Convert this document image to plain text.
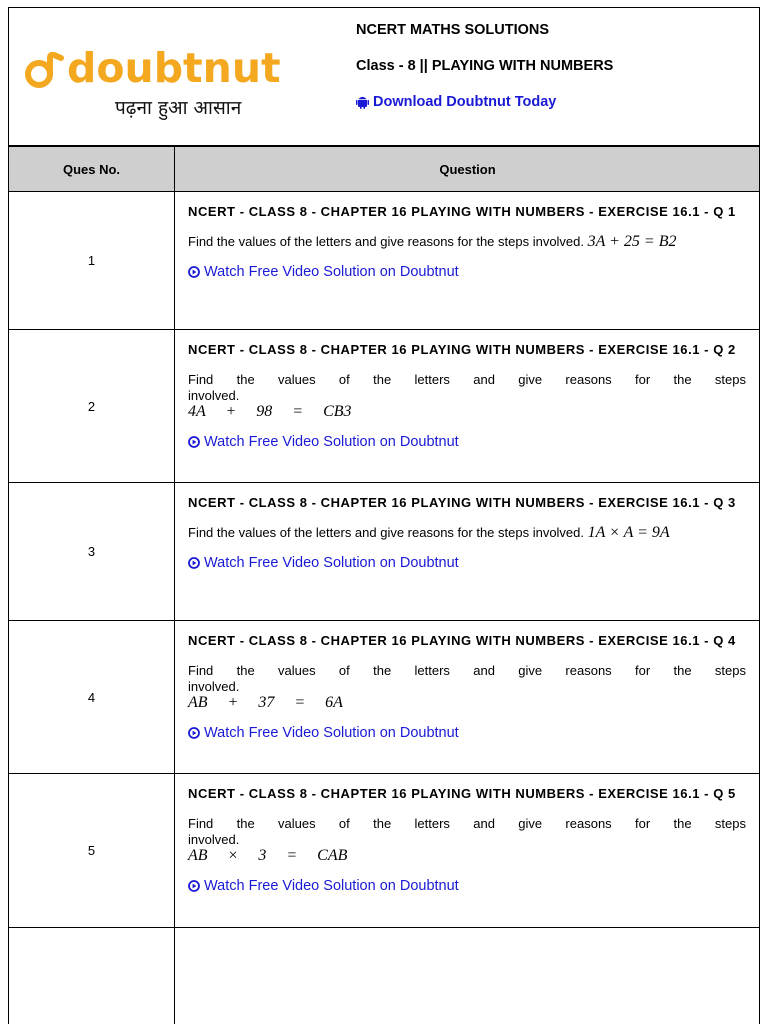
doubtnut
पढ़ना हुआ आसान
NCERT MATHS SOLUTIONS
Class - 8 || PLAYING WITH NUMBERS
Download Doubtnut Today
Ques No.	Question
1	NCERT - CLASS 8 - CHAPTER 16 PLAYING WITH NUMBERS - EXERCISE 16.1 - Q 1
Find the values of the letters and give reasons for the steps involved. 3A + 25 = B2
Watch Free Video Solution on Doubtnut

2	NCERT - CLASS 8 - CHAPTER 16 PLAYING WITH NUMBERS - EXERCISE 16.1 - Q 2
Find the values of the letters and give reasons for the steps involved.
4A + 98 = CB3
Watch Free Video Solution on Doubtnut

3	NCERT - CLASS 8 - CHAPTER 16 PLAYING WITH NUMBERS - EXERCISE 16.1 - Q 3
Find the values of the letters and give reasons for the steps involved. 1A × A = 9A
Watch Free Video Solution on Doubtnut

4	NCERT - CLASS 8 - CHAPTER 16 PLAYING WITH NUMBERS - EXERCISE 16.1 - Q 4
Find the values of the letters and give reasons for the steps involved.
AB + 37 = 6A
Watch Free Video Solution on Doubtnut

5	NCERT - CLASS 8 - CHAPTER 16 PLAYING WITH NUMBERS - EXERCISE 16.1 - Q 5
Find the values of the letters and give reasons for the steps involved.
AB × 3 = CAB
Watch Free Video Solution on Doubtnut
